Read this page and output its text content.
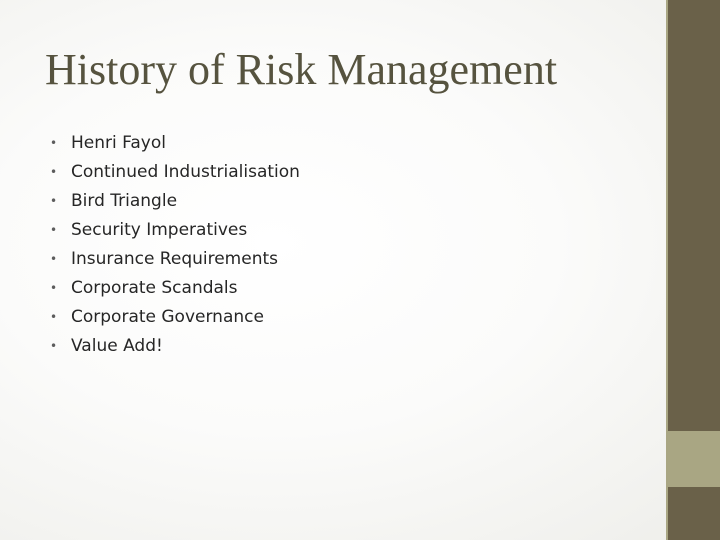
History of Risk Management
• Henri Fayol
• Continued Industrialisation
• Bird Triangle
• Security Imperatives
• Insurance Requirements
• Corporate Scandals
• Corporate Governance
• Value Add!
